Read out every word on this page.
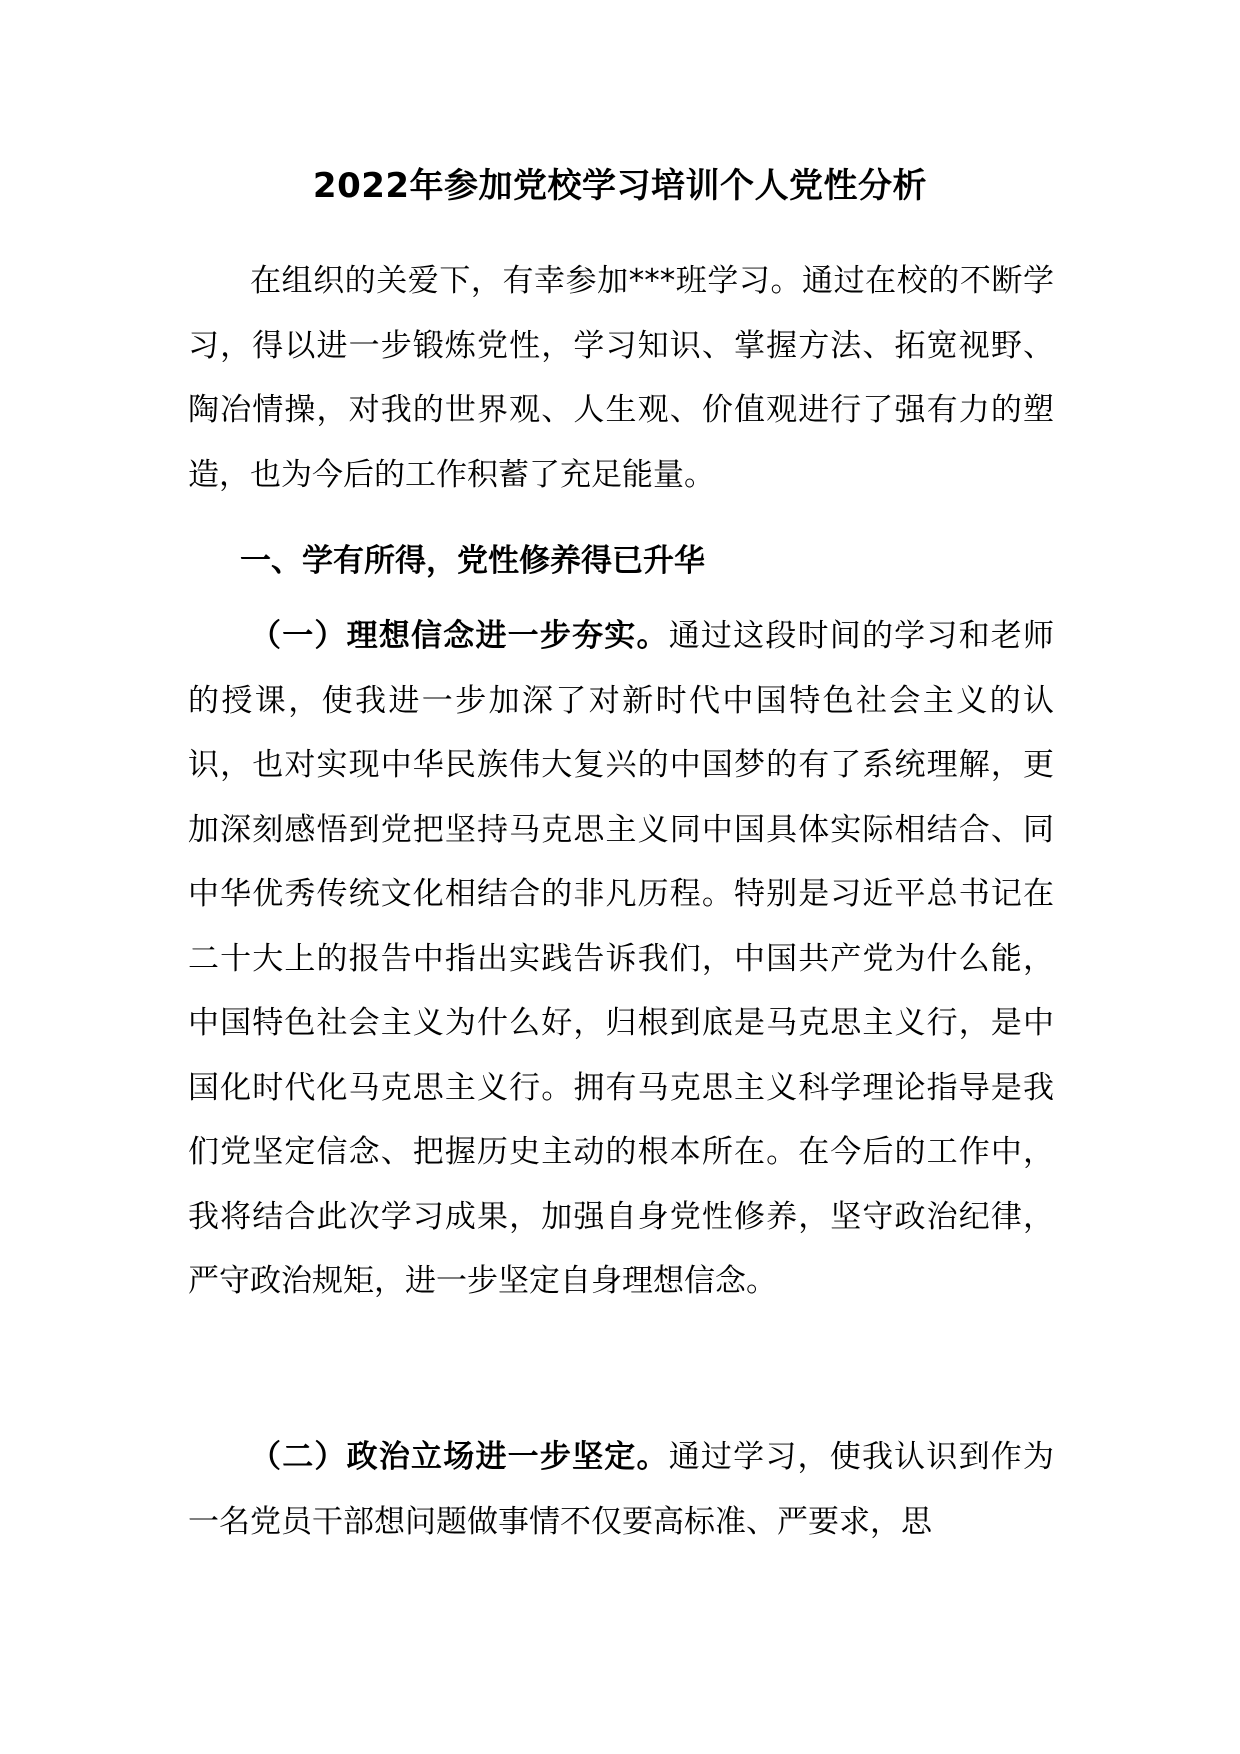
2022年参加党校学习培训个人党性分析

在组织的关爱下，有幸参加***班学习。通过在校的不断学习，得以进一步锻炼党性，学习知识、掌握方法、拓宽视野、陶冶情操，对我的世界观、人生观、价值观进行了强有力的塑造，也为今后的工作积蓄了充足能量。

一、学有所得，党性修养得已升华

（一）理想信念进一步夯实。通过这段时间的学习和老师的授课，使我进一步加深了对新时代中国特色社会主义的认识，也对实现中华民族伟大复兴的中国梦的有了系统理解，更加深刻感悟到党把坚持马克思主义同中国具体实际相结合、同中华优秀传统文化相结合的非凡历程。特别是习近平总书记在二十大上的报告中指出实践告诉我们，中国共产党为什么能，中国特色社会主义为什么好，归根到底是马克思主义行，是中国化时代化马克思主义行。拥有马克思主义科学理论指导是我们党坚定信念、把握历史主动的根本所在。在今后的工作中，我将结合此次学习成果，加强自身党性修养，坚守政治纪律，严守政治规矩，进一步坚定自身理想信念。

（二）政治立场进一步坚定。通过学习，使我认识到作为一名党员干部想问题做事情不仅要高标准、严要求，思
